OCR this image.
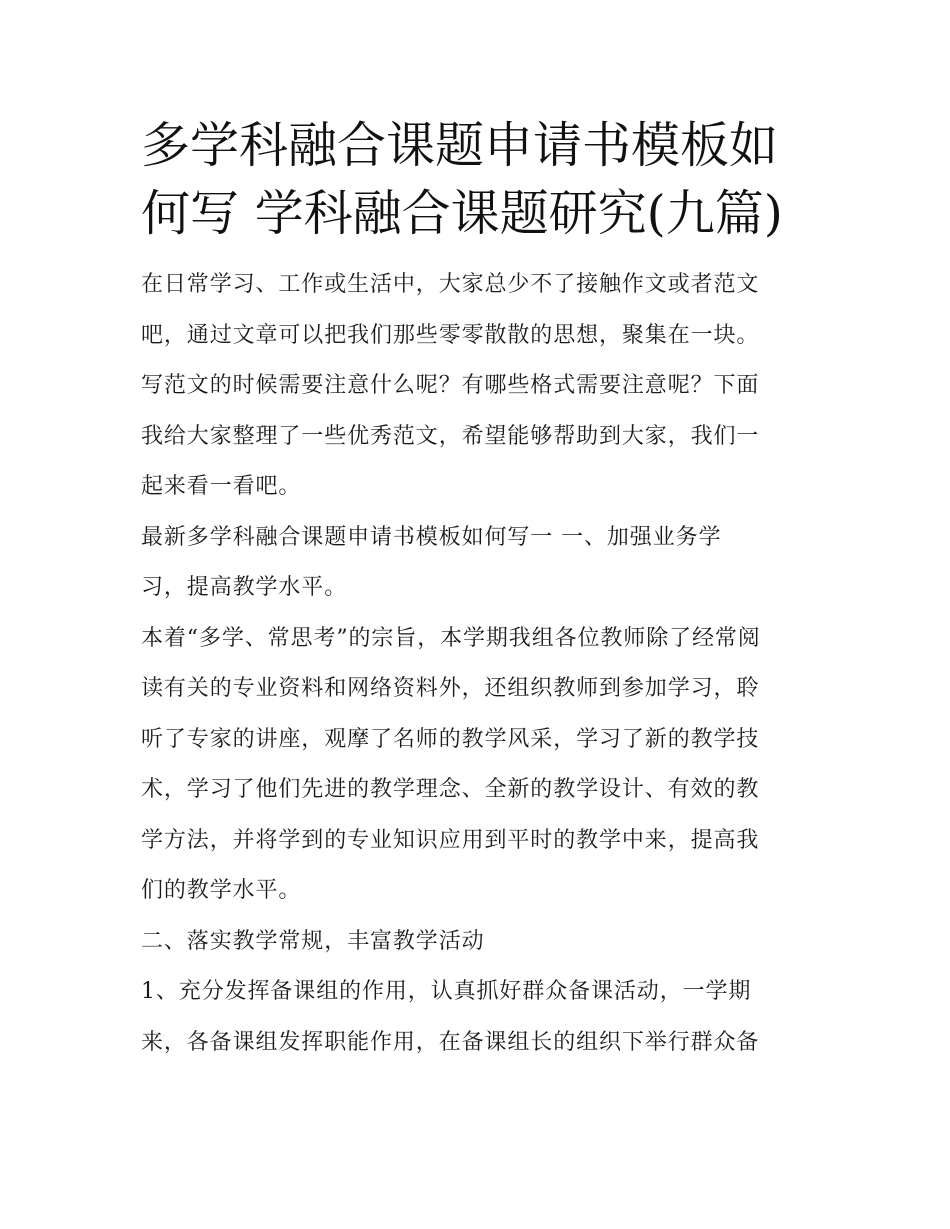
多学科融合课题申请书模板如
何写 学科融合课题研究(九篇)
在日常学习、工作或生活中，大家总少不了接触作文或者范文
吧，通过文章可以把我们那些零零散散的思想，聚集在一块。
写范文的时候需要注意什么呢？有哪些格式需要注意呢？下面
我给大家整理了一些优秀范文，希望能够帮助到大家，我们一
起来看一看吧。
最新多学科融合课题申请书模板如何写一 一、加强业务学
习，提高教学水平。
本着“多学、常思考”的宗旨，本学期我组各位教师除了经常阅
读有关的专业资料和网络资料外，还组织教师到参加学习，聆
听了专家的讲座，观摩了名师的教学风采，学习了新的教学技
术，学习了他们先进的教学理念、全新的教学设计、有效的教
学方法，并将学到的专业知识应用到平时的教学中来，提高我
们的教学水平。
二、落实教学常规，丰富教学活动
1、充分发挥备课组的作用，认真抓好群众备课活动，一学期
来，各备课组发挥职能作用，在备课组长的组织下举行群众备
